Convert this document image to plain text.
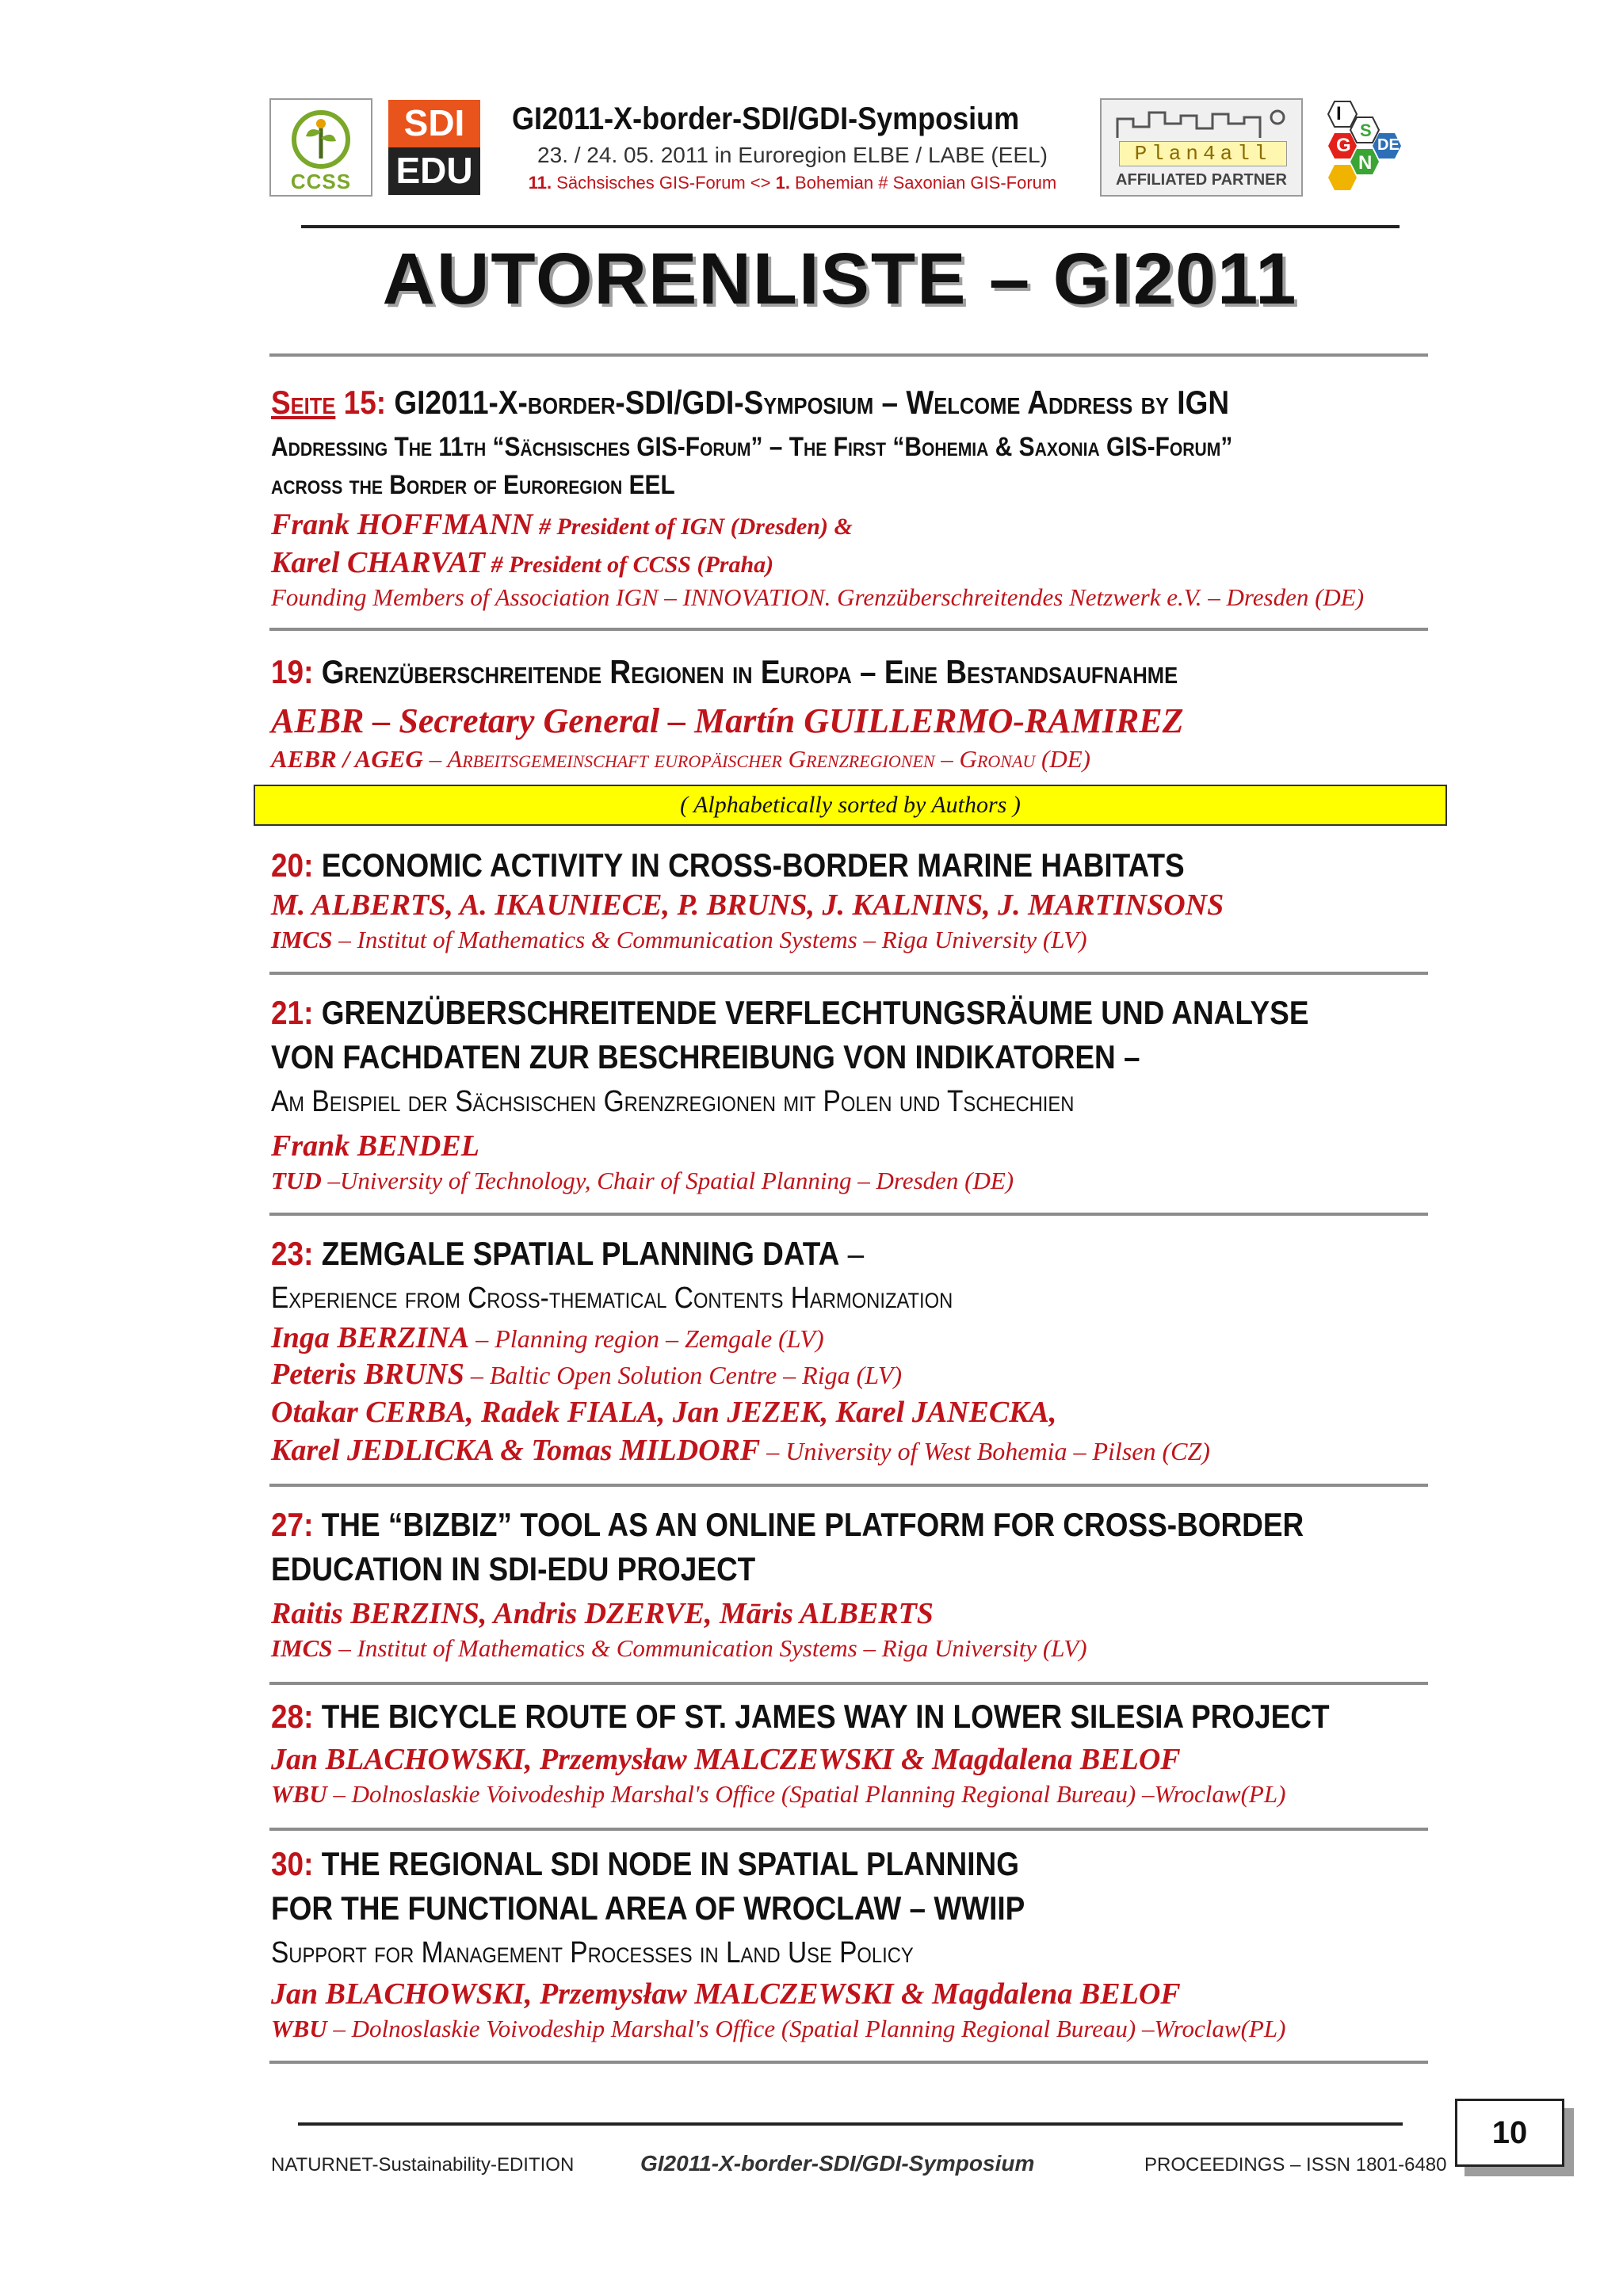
CCSS
SDI
EDU
GI2011-X-border-SDI/GDI-Symposium
23. / 24. 05. 2011 in Euroregion ELBE / LABE (EEL)
11. Sächsisches GIS-Forum <> 1. Bohemian # Saxonian GIS-Forum
Plan4all
AFFILIATED PARTNER
I
G
N
S
DE
AUTORENLISTE – GI2011
Seite 15: GI2011-X-border-SDI/GDI-Symposium – Welcome Address by IGN
Addressing The 11th “Sächsisches GIS-Forum” – The First “Bohemia & Saxonia GIS-Forum”
across the Border of Euroregion EEL
Frank HOFFMANN # President of IGN (Dresden) &
Karel CHARVAT # President of CCSS (Praha)
Founding Members of Association IGN – INNOVATION. Grenzüberschreitendes Netzwerk e.V. – Dresden (DE)
19: Grenzüberschreitende Regionen in Europa – Eine Bestandsaufnahme
AEBR – Secretary General – Martín GUILLERMO-RAMIREZ
AEBR / AGEG – Arbeitsgemeinschaft europäischer Grenzregionen – Gronau (DE)
( Alphabetically sorted by Authors )
20: ECONOMIC ACTIVITY IN CROSS-BORDER MARINE HABITATS
M. ALBERTS, A. IKAUNIECE, P. BRUNS, J. KALNINS, J. MARTINSONS
IMCS – Institut of Mathematics & Communication Systems – Riga University (LV)
21: GRENZÜBERSCHREITENDE VERFLECHTUNGSRÄUME UND ANALYSE
VON FACHDATEN ZUR BESCHREIBUNG VON INDIKATOREN –
Am Beispiel der Sächsischen Grenzregionen mit Polen und Tschechien
Frank BENDEL
TUD –University of Technology, Chair of Spatial Planning – Dresden (DE)
23: ZEMGALE SPATIAL PLANNING DATA –
Experience from Cross-thematical Contents Harmonization
Inga BERZINA – Planning region – Zemgale (LV)
Peteris BRUNS – Baltic Open Solution Centre – Riga (LV)
Otakar CERBA, Radek FIALA, Jan JEZEK, Karel JANECKA,
Karel JEDLICKA & Tomas MILDORF – University of West Bohemia – Pilsen (CZ)
27: THE “BIZBIZ” TOOL AS AN ONLINE PLATFORM FOR CROSS-BORDER
EDUCATION IN SDI-EDU PROJECT
Raitis BERZINS, Andris DZERVE, Māris ALBERTS
IMCS – Institut of Mathematics & Communication Systems – Riga University (LV)
28: THE BICYCLE ROUTE OF ST. JAMES WAY IN LOWER SILESIA PROJECT
Jan BLACHOWSKI, Przemysław MALCZEWSKI & Magdalena BELOF
WBU – Dolnoslaskie Voivodeship Marshal's Office (Spatial Planning Regional Bureau) –Wroclaw(PL)
30: THE REGIONAL SDI NODE IN SPATIAL PLANNING
FOR THE FUNCTIONAL AREA OF WROCLAW – WWIIP
Support for Management Processes in Land Use Policy
Jan BLACHOWSKI, Przemysław MALCZEWSKI & Magdalena BELOF
WBU – Dolnoslaskie Voivodeship Marshal's Office (Spatial Planning Regional Bureau) –Wroclaw(PL)
NATURNET-Sustainability-EDITION	GI2011-X-border-SDI/GDI-Symposium	PROCEEDINGS – ISSN 1801-6480
10
